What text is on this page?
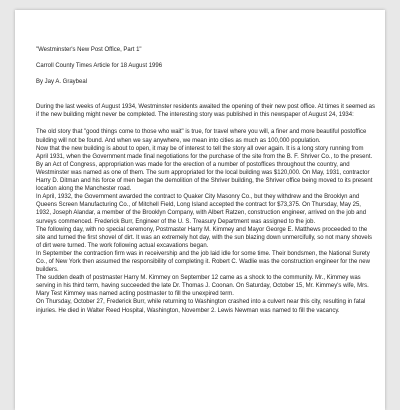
"Westminster's New Post Office, Part 1"

Carroll County Times Article for 18 August 1996

By Jay A. Graybeal

During the last weeks of August 1934, Westminster residents awaited the opening of their new post office. At times it seemed as if the new building might never be completed. The interesting story was published in this newspaper of August 24, 1934:

The old story that "good things come to those who wait" is true, for travel where you will, a finer and more beautiful postoffice building will not be found. And when we say anywhere, we mean into cities as much as 100,000 population.

Now that the new building is about to open, it may be of interest to tell the story all over again. It is a long story running from April 1931, when the Government made final negotiations for the purchase of the site from the B. F. Shriver Co., to the present.

By an Act of Congress, appropriation was made for the erection of a number of postoffices throughout the country, and Westminster was named as one of them. The sum appropriated for the local building was $120,000. On May, 1931, contractor Harry D. Ditman and his force of men began the demolition of the Shriver building, the Shriver office being moved to its present location along the Manchester road.

In April, 1932, the Government awarded the contract to Quaker City Masonry Co., but they withdrew and the Brooklyn and Queens Screen Manufacturing Co., of Mitchell Field, Long Island accepted the contract for $73,375. On Thursday, May 25, 1932, Joseph Alandar, a member of the Brooklyn Company, with Albert Ratzen, construction engineer, arrived on the job and surveys commenced. Frederick Burr, Engineer of the U. S. Treasury Department was assigned to the job.

The following day, with no special ceremony, Postmaster Harry M. Kimmey and Mayor George E. Matthews proceeded to the site and turned the first shovel of dirt. It was an extremely hot day, with the sun blazing down unmercifully, so not many shovels of dirt were turned. The work following actual excavations began.

In September the contraction firm was in receivership and the job laid idle for some time. Their bondsmen, the National Surety Co., of New York then assumed the responsibility of completing it. Robert C. Wadlie was the construction engineer for the new builders.

The sudden death of postmaster Harry M. Kimmey on September 12 came as a shock to the community. Mr., Kimmey was serving in his third term, having succeeded the late Dr. Thomas J. Coonan. On Saturday, October 15, Mr. Kimmey's wife, Mrs. Mary Test Kimmey was named acting postmaster to fill the unexpired term.

On Thursday, October 27, Frederick Burr, while returning to Washington crashed into a culvert near this city, resulting in fatal injuries. He died in Walter Reed Hospital, Washington, November 2. Lewis Newman was named to fill the vacancy.
